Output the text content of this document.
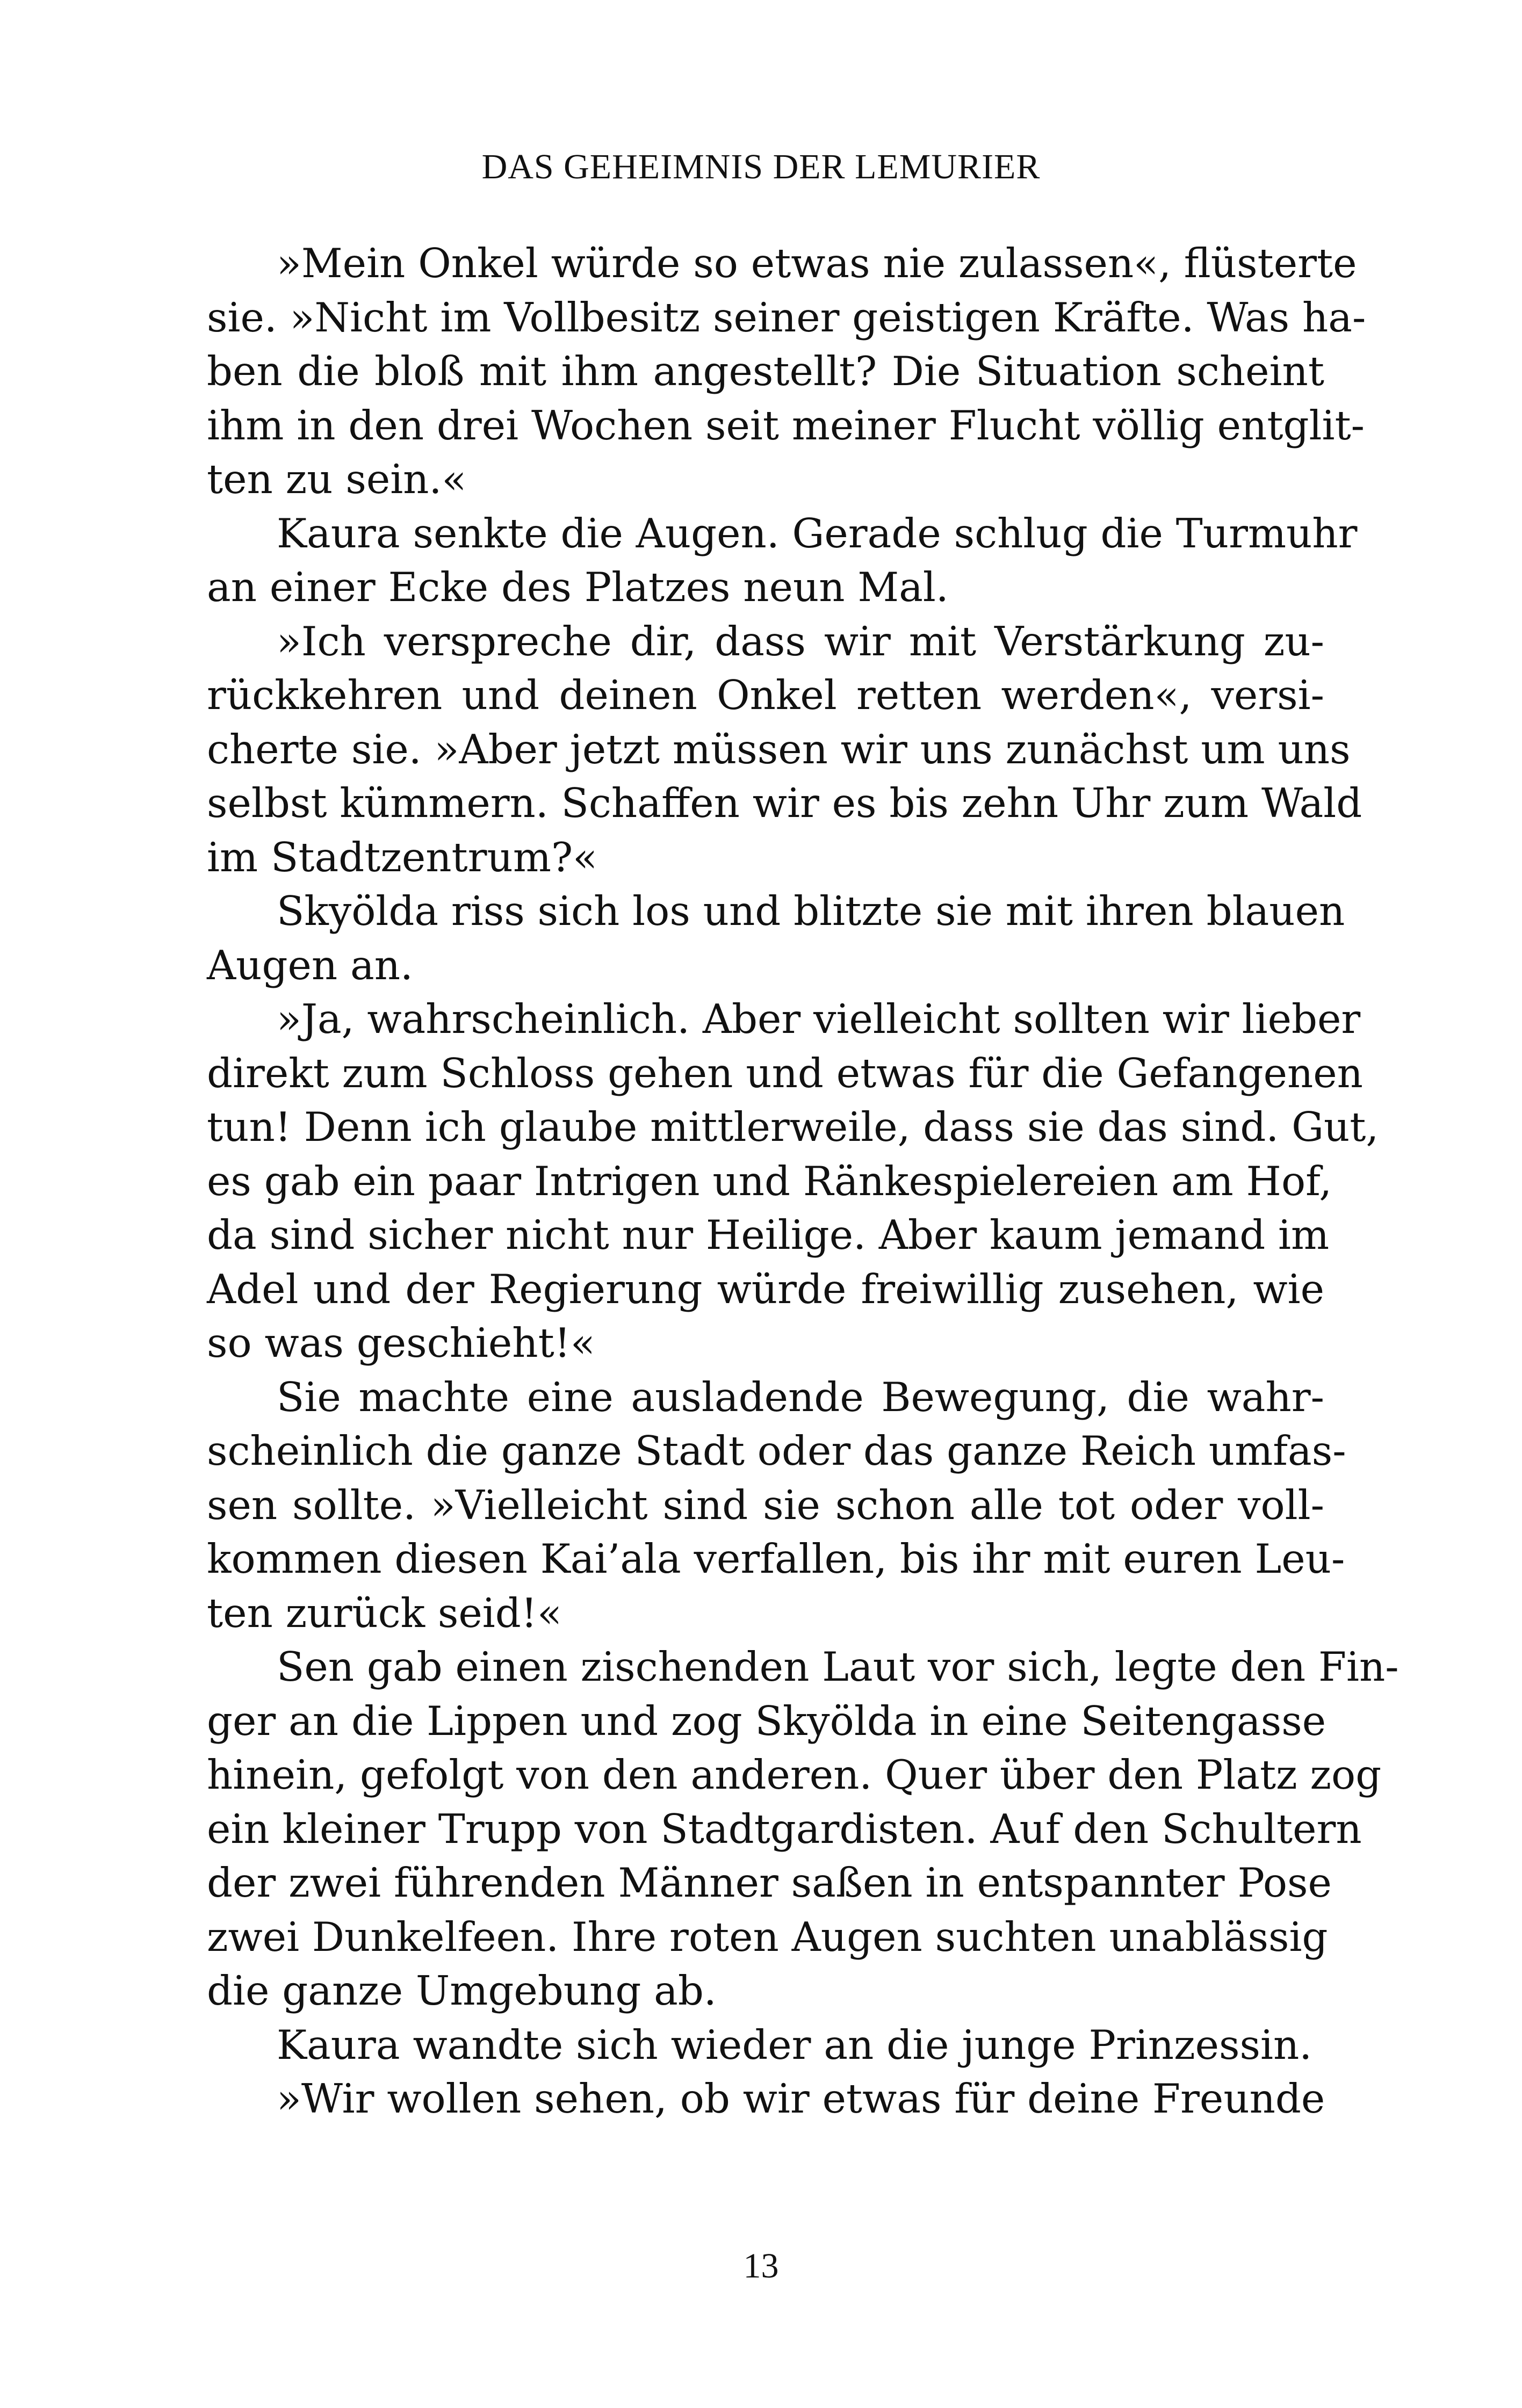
DAS GEHEIMNIS DER LEMURIER
»Mein Onkel würde so etwas nie zulassen«, flüsterte
sie. »Nicht im Vollbesitz seiner geistigen Kräfte. Was ha-
ben die bloß mit ihm angestellt? Die Situation scheint
ihm in den drei Wochen seit meiner Flucht völlig entglit-
ten zu sein.«
Kaura senkte die Augen. Gerade schlug die Turmuhr
an einer Ecke des Platzes neun Mal.
»Ich verspreche dir, dass wir mit Verstärkung zu-
rückkehren und deinen Onkel retten werden«, versi-
cherte sie. »Aber jetzt müssen wir uns zunächst um uns
selbst kümmern. Schaffen wir es bis zehn Uhr zum Wald
im Stadtzentrum?«
Skyölda riss sich los und blitzte sie mit ihren blauen
Augen an.
»Ja, wahrscheinlich. Aber vielleicht sollten wir lieber
direkt zum Schloss gehen und etwas für die Gefangenen
tun! Denn ich glaube mittlerweile, dass sie das sind. Gut,
es gab ein paar Intrigen und Ränkespielereien am Hof,
da sind sicher nicht nur Heilige. Aber kaum jemand im
Adel und der Regierung würde freiwillig zusehen, wie
so was geschieht!«
Sie machte eine ausladende Bewegung, die wahr-
scheinlich die ganze Stadt oder das ganze Reich umfas-
sen sollte. »Vielleicht sind sie schon alle tot oder voll-
kommen diesen Kai’ala verfallen, bis ihr mit euren Leu-
ten zurück seid!«
Sen gab einen zischenden Laut vor sich, legte den Fin-
ger an die Lippen und zog Skyölda in eine Seitengasse
hinein, gefolgt von den anderen. Quer über den Platz zog
ein kleiner Trupp von Stadtgardisten. Auf den Schultern
der zwei führenden Männer saßen in entspannter Pose
zwei Dunkelfeen. Ihre roten Augen suchten unablässig
die ganze Umgebung ab.
Kaura wandte sich wieder an die junge Prinzessin.
»Wir wollen sehen, ob wir etwas für deine Freunde
13
